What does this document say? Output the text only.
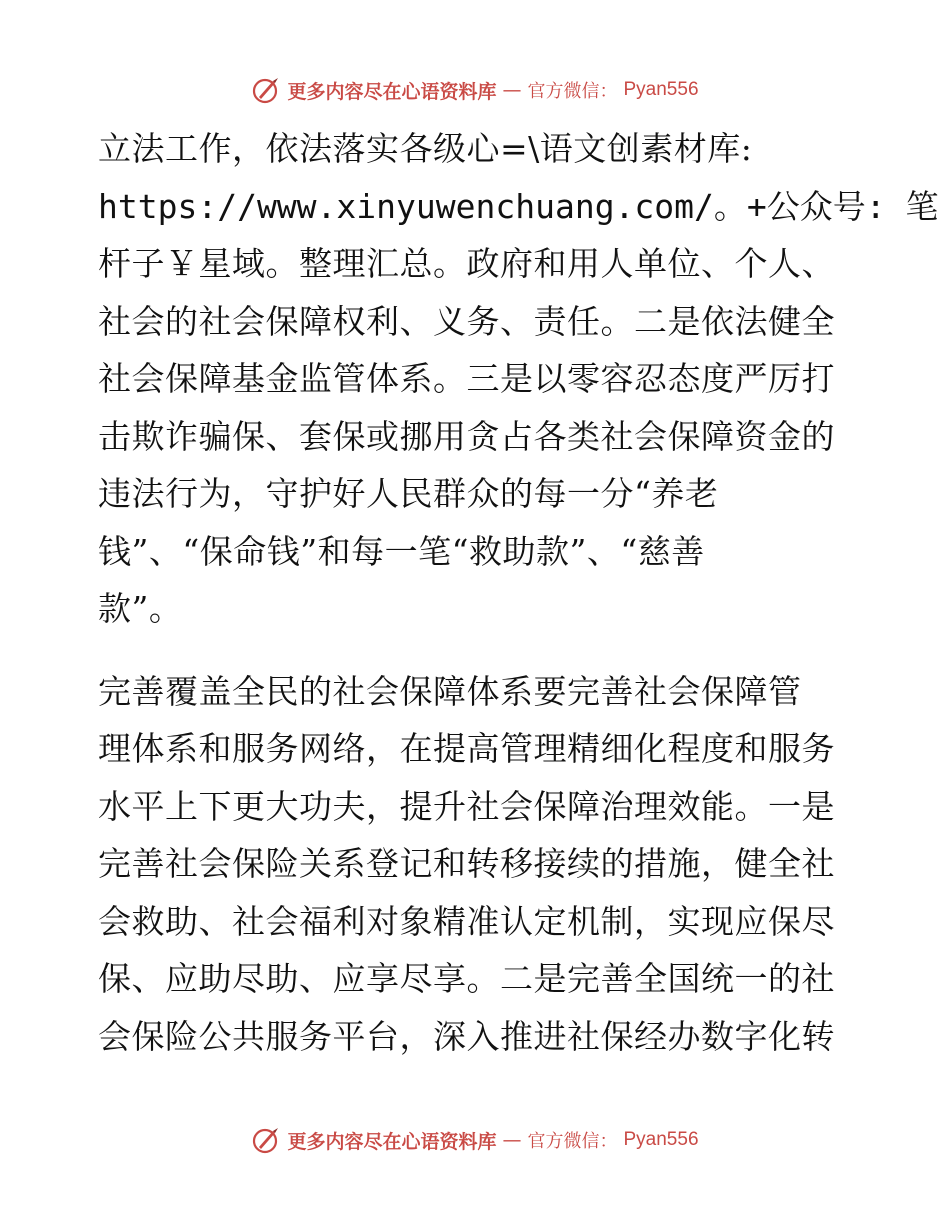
更多内容尽在心语资料库 — 官方微信： Pyan556
立法工作，依法落实各级心=\语文创素材库:
https://www.xinyuwenchuang.com/。+公众号: 笔
杆子￥星域。整理汇总。政府和用人单位、个人、
社会的社会保障权利、义务、责任。二是依法健全
社会保障基金监管体系。三是以零容忍态度严厉打
击欺诈骗保、套保或挪用贪占各类社会保障资金的
违法行为，守护好人民群众的每一分“养老
钱”、“保命钱”和每一笔“救助款”、“慈善
款”。
完善覆盖全民的社会保障体系要完善社会保障管
理体系和服务网络，在提高管理精细化程度和服务
水平上下更大功夫，提升社会保障治理效能。一是
完善社会保险关系登记和转移接续的措施，健全社
会救助、社会福利对象精准认定机制，实现应保尽
保、应助尽助、应享尽享。二是完善全国统一的社
会保险公共服务平台，深入推进社保经办数字化转
更多内容尽在心语资料库 — 官方微信： Pyan556
